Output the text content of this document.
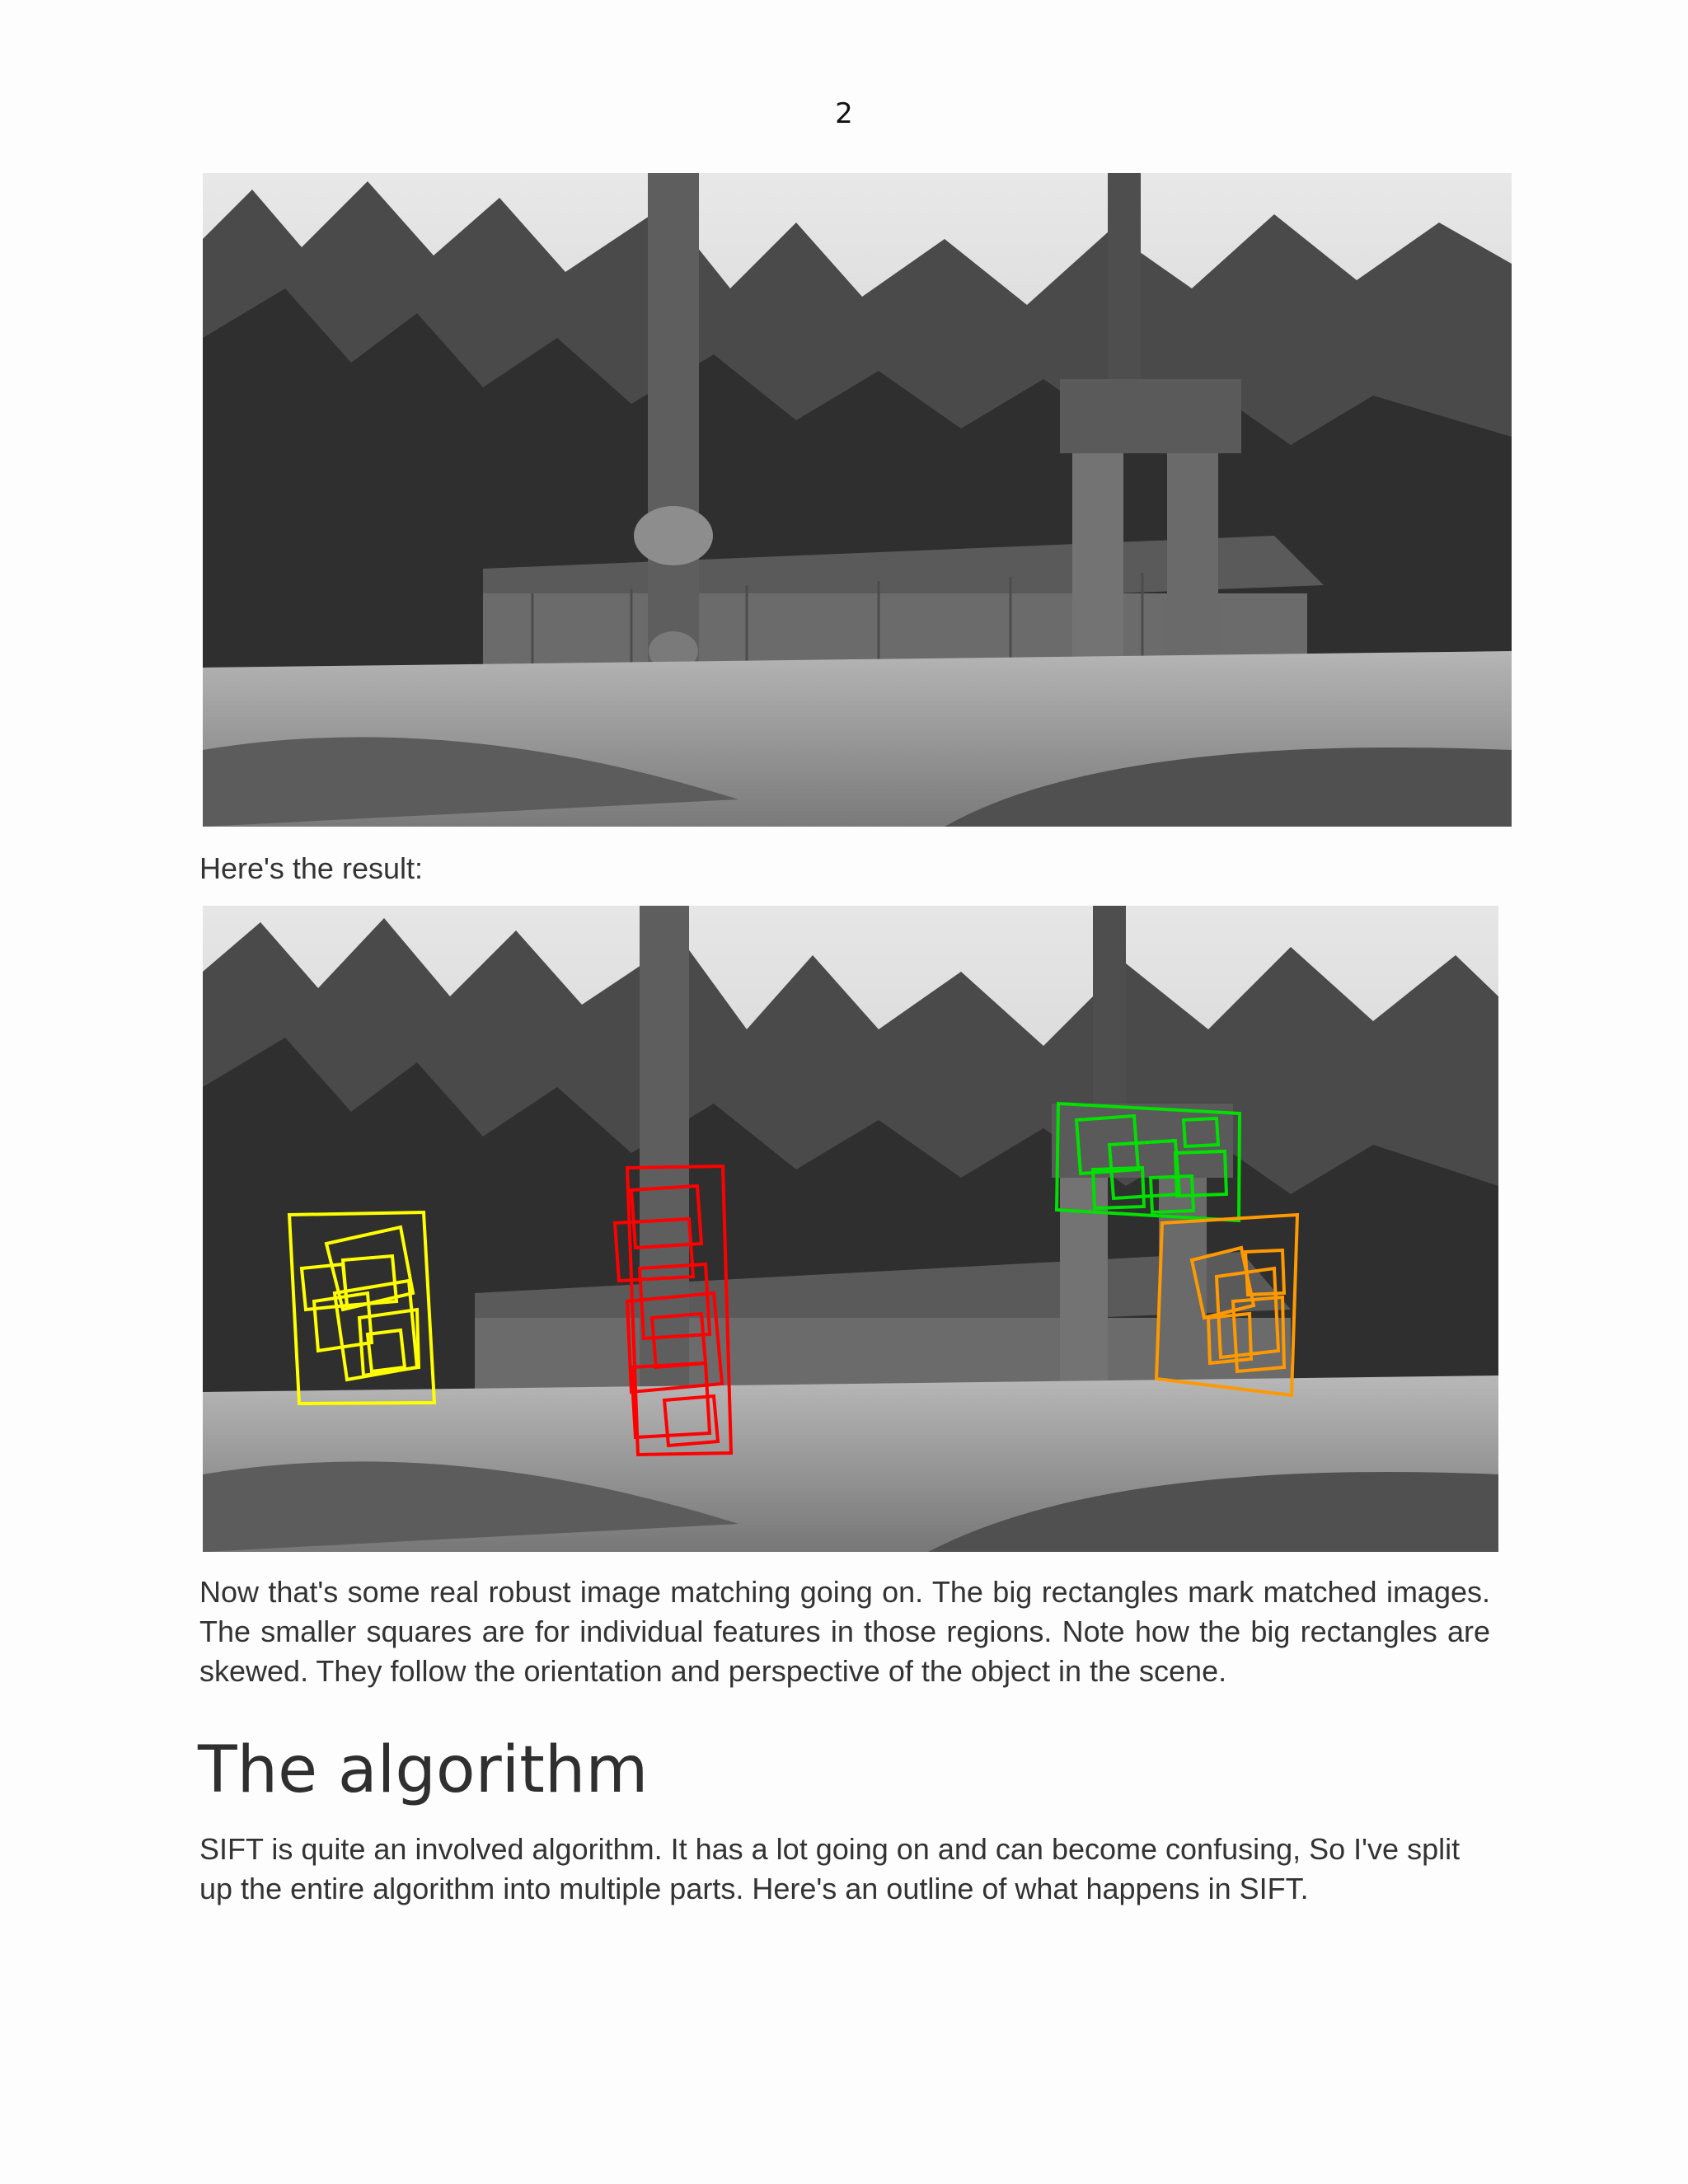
2

Here's the result:

Now that's some real robust image matching going on. The big rectangles mark matched images. The smaller squares are for individual features in those regions. Note how the big rectangles are skewed. They follow the orientation and perspective of the object in the scene.

The algorithm

SIFT is quite an involved algorithm. It has a lot going on and can become confusing, So I've split up the entire algorithm into multiple parts. Here's an outline of what happens in SIFT.
